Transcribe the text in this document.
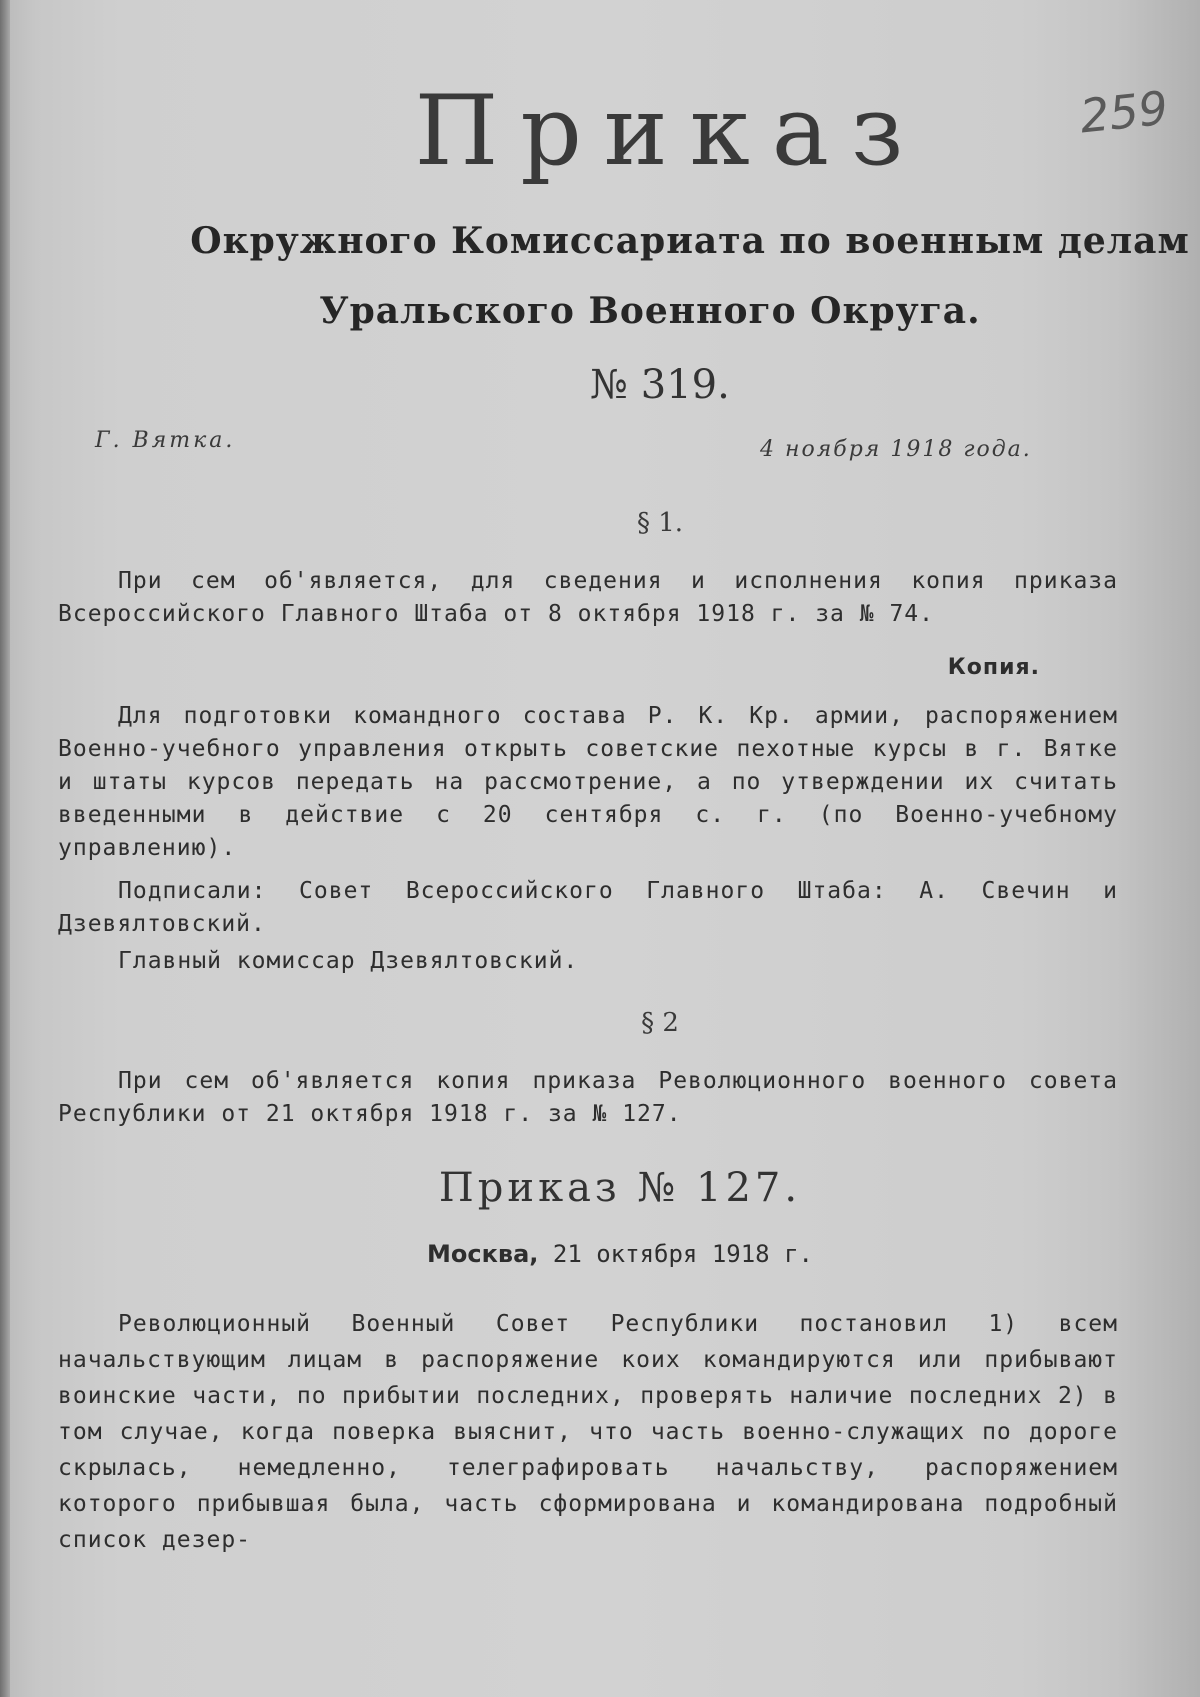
259
Приказ
Окружного Комиссариата по военным делам
Уральского Военного Округа.
№ 319.
Г. Вятка.	4 ноября 1918 года.
§ 1.
При сем об'является, для сведения и исполнения копия приказа Всероссийского Главного Штаба от 8 октября 1918 г. за № 74.
Копия.
Для подготовки командного состава Р. К. Кр. армии, распоряжением Военно-учебного управления открыть советские пехотные курсы в г. Вятке и штаты курсов передать на рассмотрение, а по утверждении их считать введенными в действие с 20 сентября с. г. (по Военно-учебному управлению).
Подписали: Совет Всероссийского Главного Штаба: А. Свечин и Дзевялтовский.
Главный комиссар Дзевялтовский.
§ 2
При сем об'является копия приказа Революционного военного совета Республики от 21 октября 1918 г. за № 127.
Приказ № 127.
Москва, 21 октября 1918 г.
Революционный Военный Совет Республики постановил 1) всем начальствующим лицам в распоряжение коих командируются или прибывают воинские части, по прибытии последних, проверять наличие последних 2) в том случае, когда поверка выяснит, что часть военно-служащих по дороге скрылась, немедленно, телеграфировать начальству, распоряжением которого прибывшая была, часть сформирована и командирована подробный список дезер-
